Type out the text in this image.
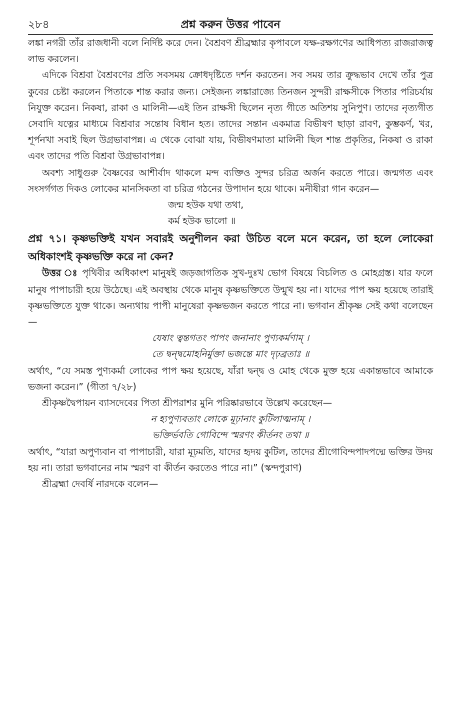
২৮৪	প্রশ্ন করুন উত্তর পাবেন

লঙ্কা নগরী তাঁর রাজধানী বলে নির্দিষ্ট করে দেন। বৈশ্রবণ শ্রীব্রহ্মার কৃপাবলে যক্ষ-রক্ষগণের আধিপত্য রাজরাজত্ব লাভ করলেন।

এদিকে বিশ্রবা বৈশ্রবণের প্রতি সবসময় ক্রোধদৃষ্টিতে দর্শন করতেন। সব সময় তার ক্রুদ্ধভাব দেখে তাঁর পুত্র কুবের চেষ্টা করলেন পিতাকে শান্ত করার জন্য। সেইজন্য লঙ্কারাজ্যে তিনজন সুন্দরী রাক্ষসীকে পিতার পরিচর্যায় নিযুক্ত করেন। নিকষা, রাকা ও মালিনী—এই তিন রাক্ষসী ছিলেন নৃত্য গীতে অতিশয় সুনিপুণ। তাদের নৃত্যগীত সেবাদি যত্নের মাধ্যমে বিশ্রবার সন্তোষ বিধান হত। তাদের সন্তান একমাত্র বিভীষণ ছাড়া রাবণ, কুম্ভকর্ণ, খর, শূর্পনখা সবাই ছিল উগ্রভাবাপন্ন। এ থেকে বোঝা যায়, বিভীষণমাতা মালিনী ছিল শান্ত প্রকৃতির, নিকষা ও রাকা এবং তাদের পতি বিশ্রবা উগ্রভাবাপন্ন।

অবশ্য সাধুগুরু বৈষ্ণবের আশীর্বাদ থাকলে মন্দ ব্যক্তিও সুন্দর চরিত্র অর্জন করতে পারে। জন্মগত এবং সংসর্গগত দিকও লোকের মানসিকতা বা চরিত্র গঠনের উপাদান হয়ে থাকে। মনীষীরা গান করেন—

জন্ম হউক যথা তথা,

কর্ম হউক ভালো ॥

প্রশ্ন ৭১। কৃষ্ণভক্তিই যখন সবারই অনুশীলন করা উচিত বলে মনে করেন, তা হলে লোকেরা অধিকাংশই কৃষ্ণভক্তি করে না কেন?

উত্তর ঃ পৃথিবীর অধিকাংশ মানুষই জড়জাগতিক সুখ-দুঃখ ভোগ বিষয়ে বিচলিত ও মোহগ্রস্ত। যার ফলে মানুষ পাপাচারী হয়ে উঠেছে। এই অবস্থায় থেকে মানুষ কৃষ্ণভক্তিতে উন্মুখ হয় না। যাদের পাপ ক্ষয় হয়েছে তারাই কৃষ্ণভক্তিতে যুক্ত থাকে। অন্যথায় পাপী মানুষেরা কৃষ্ণভজন করতে পারে না। ভগবান শ্রীকৃষ্ণ সেই কথা বলেছেন—

যেষাং ত্বন্তগতং পাপং জনানাং পুণ্যকর্মণাম্ ।

তে দ্বন্দ্বমোহনির্মুক্তা ভজন্তে মাং দৃঢ়ব্রতাঃ ॥

অর্থাৎ, “যে সমস্ত পুণ্যকর্মা লোকের পাপ ক্ষয় হয়েছে, যাঁরা দ্বন্দ্ব ও মোহ থেকে মুক্ত হয়ে একান্তভাবে আমাকে ভজনা করেন।” (গীতা ৭/২৮)

শ্রীকৃষ্ণদ্বৈপায়ন ব্যাসদেবের পিতা শ্রীপরাশর মুনি পরিষ্কারভাবে উল্লেখ করেছেন—

ন হ্যপুণ্যবতাং লোকে মূঢ়ানাং কুটিলাত্মনাম্ ।

ভক্তির্ভবতি গোবিন্দে স্মরণং কীর্তনং তথা ॥

অর্থাৎ, “যারা অপুণ্যবান বা পাপাচারী, যারা মূঢ়মতি, যাদের হৃদয় কুটিল, তাদের শ্রীগোবিন্দপাদপদ্মে ভক্তির উদয় হয় না। তারা ভগবানের নাম স্মরণ বা কীর্তন করতেও পারে না।” (স্কন্দপুরাণ)

শ্রীব্রহ্মা দেবর্ষি নারদকে বলেন—
